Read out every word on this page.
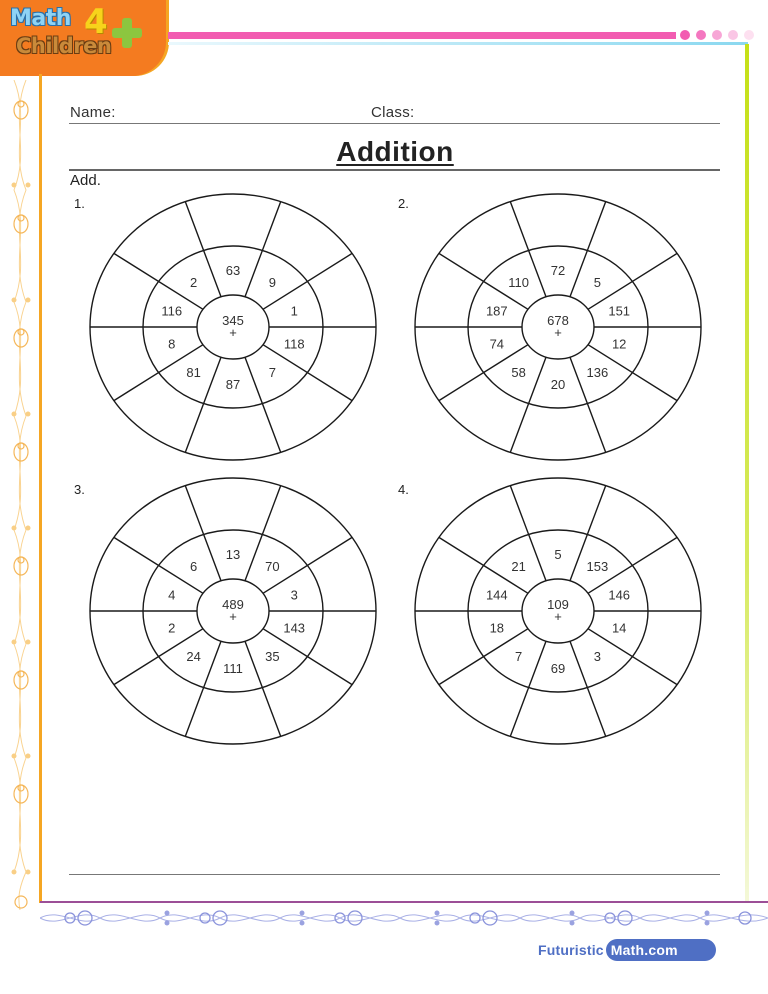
Math 4
Children
Name:	Class:
Addition
Add.
1.	2.
3.	4.
345
+
63
9
1
118
7
87
81
8
116
2
678
+
72
5
151
12
136
20
58
74
187
110
489
+
13
70
3
143
35
111
24
2
4
6
109
+
5
153
146
14
3
69
7
18
144
21
Futuristic Math.com
